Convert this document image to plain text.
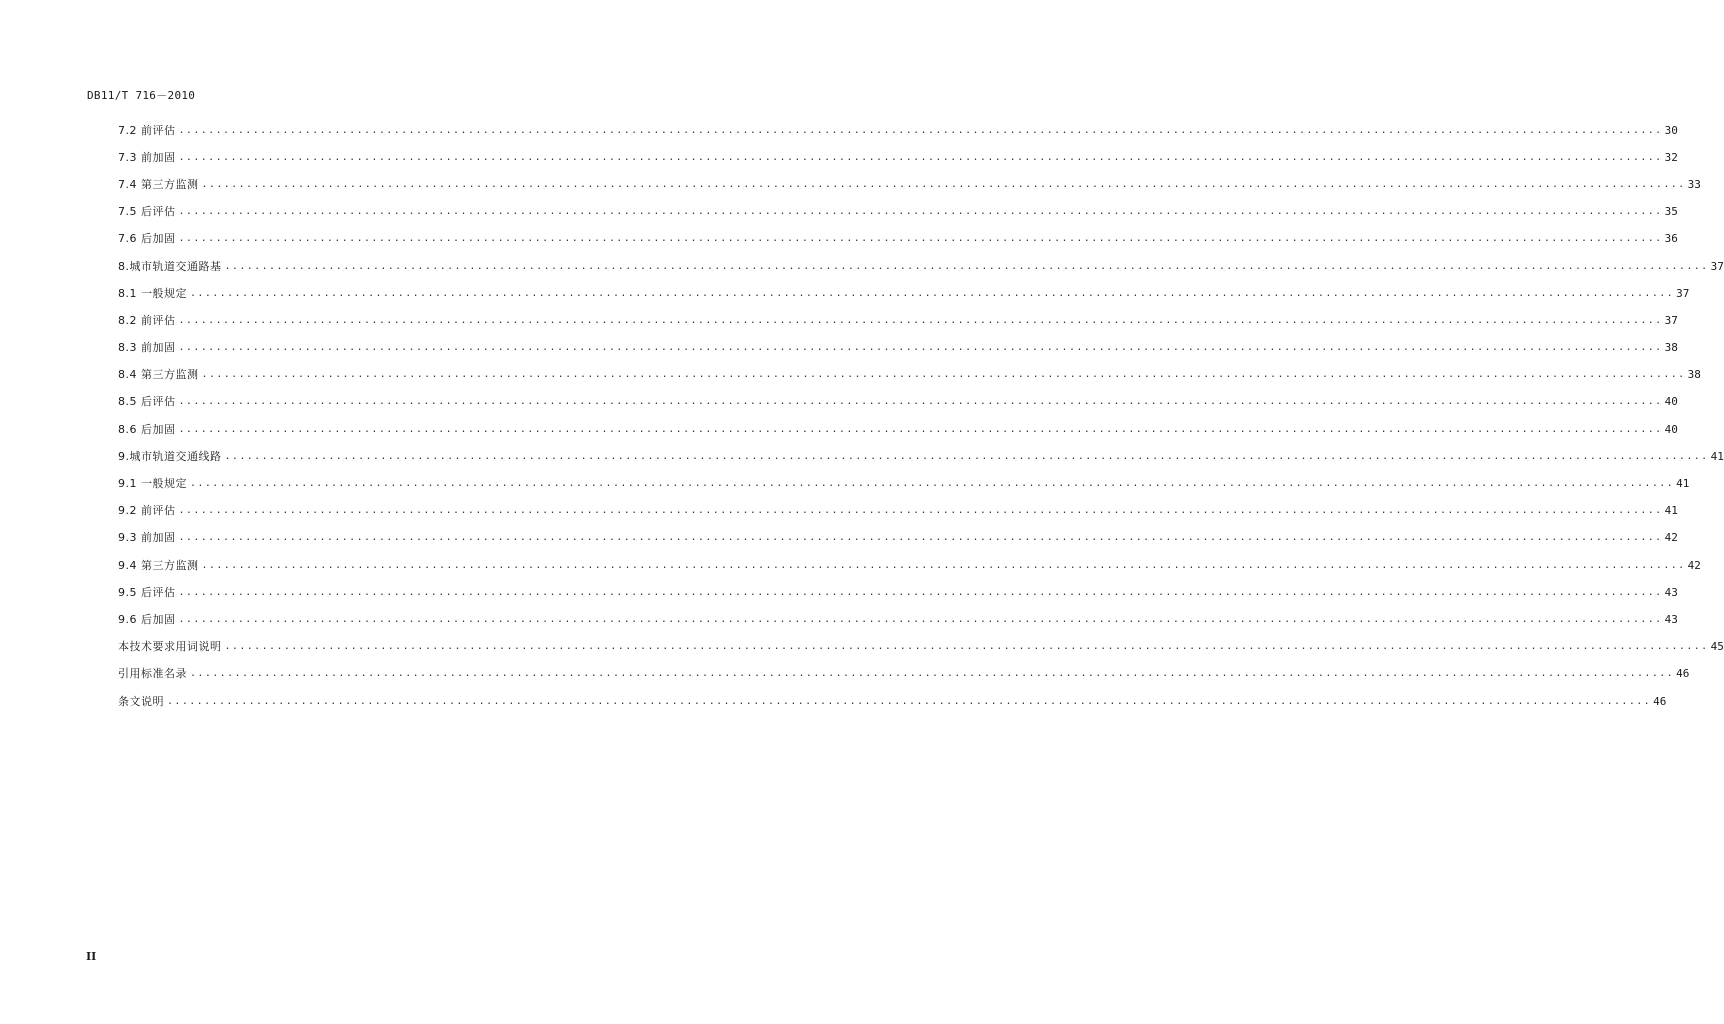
DB11/T 716－2010
7.2 前评估 ........................................................................................................................................................................................................ 30
7.3 前加固 ........................................................................................................................................................................................................ 32
7.4 第三方监测 ........................................................................................................................................................................................................ 33
7.5 后评估 ........................................................................................................................................................................................................ 35
7.6 后加固 ........................................................................................................................................................................................................ 36
8.城市轨道交通路基 ........................................................................................................................................................................................................ 37
8.1 一般规定 ........................................................................................................................................................................................................ 37
8.2 前评估 ........................................................................................................................................................................................................ 37
8.3 前加固 ........................................................................................................................................................................................................ 38
8.4 第三方监测 ........................................................................................................................................................................................................ 38
8.5 后评估 ........................................................................................................................................................................................................ 40
8.6 后加固 ........................................................................................................................................................................................................ 40
9.城市轨道交通线路 ........................................................................................................................................................................................................ 41
9.1 一般规定 ........................................................................................................................................................................................................ 41
9.2 前评估 ........................................................................................................................................................................................................ 41
9.3 前加固 ........................................................................................................................................................................................................ 42
9.4 第三方监测 ........................................................................................................................................................................................................ 42
9.5 后评估 ........................................................................................................................................................................................................ 43
9.6 后加固 ........................................................................................................................................................................................................ 43
本技术要求用词说明 ........................................................................................................................................................................................................ 45
引用标准名录 ........................................................................................................................................................................................................ 46
条文说明 ........................................................................................................................................................................................................ 46
II
